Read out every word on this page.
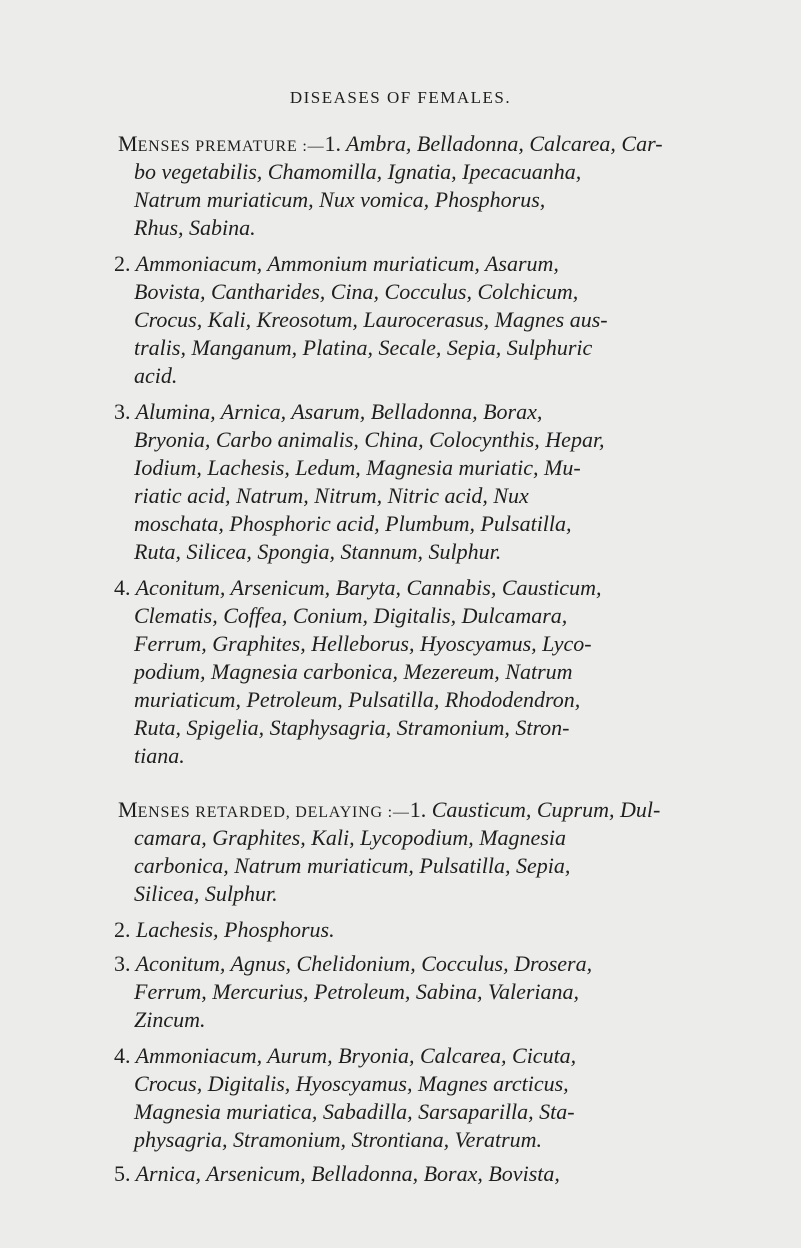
DISEASES OF FEMALES.
MENSES PREMATURE :—1. Ambra, Belladonna, Calcarea, Car-
bo vegetabilis, Chamomilla, Ignatia, Ipecacuanha,
Natrum muriaticum, Nux vomica, Phosphorus,
Rhus, Sabina.
2. Ammoniacum, Ammonium muriaticum, Asarum,
Bovista, Cantharides, Cina, Cocculus, Colchicum,
Crocus, Kali, Kreosotum, Laurocerasus, Magnes aus-
tralis, Manganum, Platina, Secale, Sepia, Sulphuric
acid.
3. Alumina, Arnica, Asarum, Belladonna, Borax,
Bryonia, Carbo animalis, China, Colocynthis, Hepar,
Iodium, Lachesis, Ledum, Magnesia muriatic, Mu-
riatic acid, Natrum, Nitrum, Nitric acid, Nux
moschata, Phosphoric acid, Plumbum, Pulsatilla,
Ruta, Silicea, Spongia, Stannum, Sulphur.
4. Aconitum, Arsenicum, Baryta, Cannabis, Causticum,
Clematis, Coffea, Conium, Digitalis, Dulcamara,
Ferrum, Graphites, Helleborus, Hyoscyamus, Lyco-
podium, Magnesia carbonica, Mezereum, Natrum
muriaticum, Petroleum, Pulsatilla, Rhododendron,
Ruta, Spigelia, Staphysagria, Stramonium, Stron-
tiana.
MENSES RETARDED, DELAYING :—1. Causticum, Cuprum, Dul-
camara, Graphites, Kali, Lycopodium, Magnesia
carbonica, Natrum muriaticum, Pulsatilla, Sepia,
Silicea, Sulphur.
2. Lachesis, Phosphorus.
3. Aconitum, Agnus, Chelidonium, Cocculus, Drosera,
Ferrum, Mercurius, Petroleum, Sabina, Valeriana,
Zincum.
4. Ammoniacum, Aurum, Bryonia, Calcarea, Cicuta,
Crocus, Digitalis, Hyoscyamus, Magnes arcticus,
Magnesia muriatica, Sabadilla, Sarsaparilla, Sta-
physagria, Stramonium, Strontiana, Veratrum.
5. Arnica, Arsenicum, Belladonna, Borax, Bovista,
